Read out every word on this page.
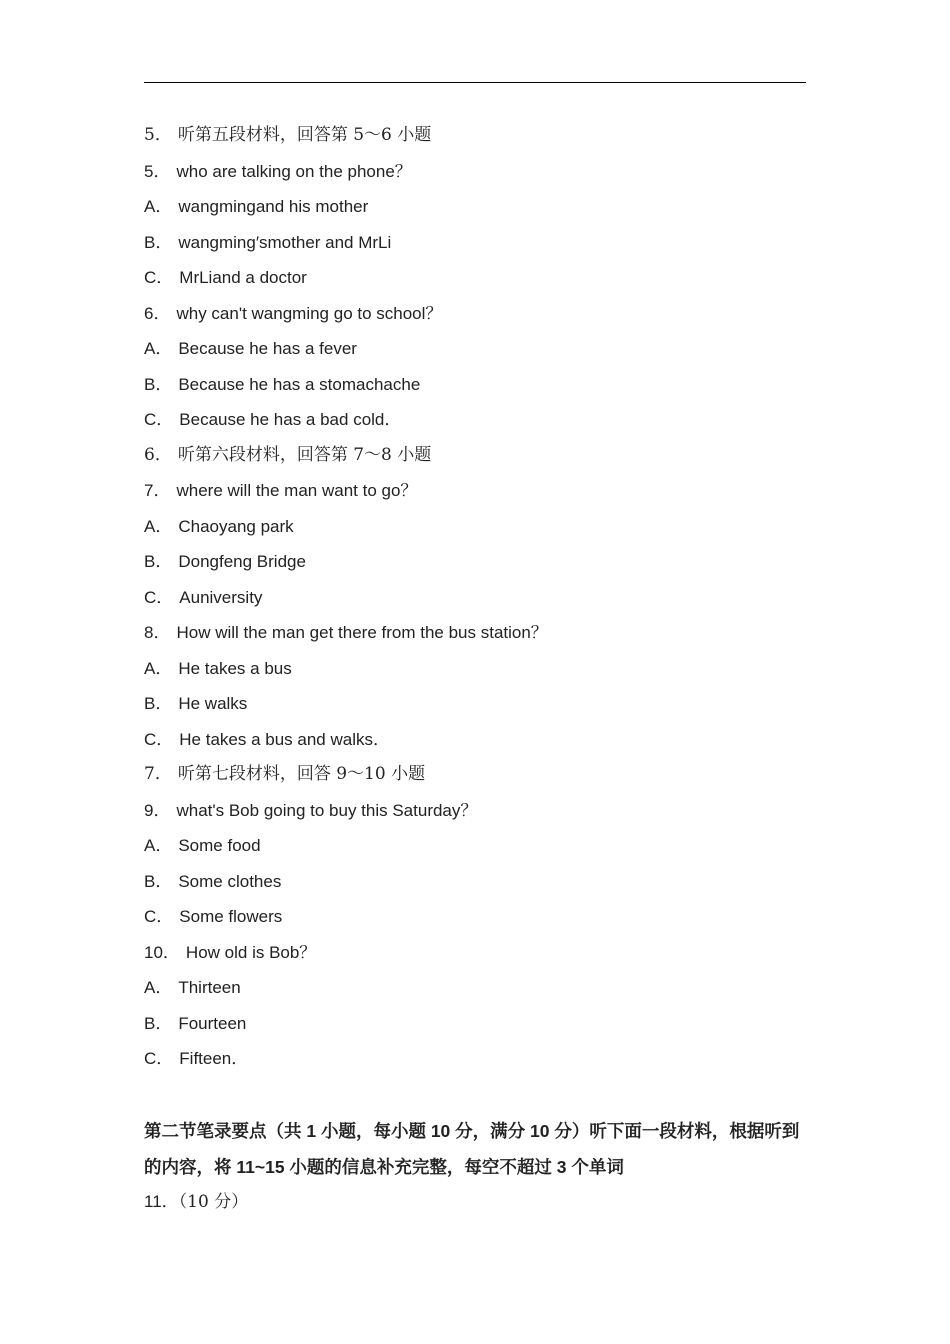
5． 听第五段材料，回答第 5～6 小题
5． who are talking on the phone？
A． wangmingand his mother
B． wangming′smother and MrLi
C． MrLiand a doctor
6． why can't wangming go to school？
A． Because he has a fever
B． Because he has a stomachache
C． Because he has a bad cold．
6． 听第六段材料，回答第 7～8 小题
7． where will the man want to go？
A． Chaoyang park
B． Dongfeng Bridge
C． Auniversity
8． How will the man get there from the bus station？
A． He takes a bus
B． He walks
C． He takes a bus and walks．
7． 听第七段材料，回答 9～10 小题
9． what's Bob going to buy this Saturday？
A． Some food
B． Some clothes
C． Some flowers
10． How old is Bob？
A． Thirteen
B． Fourteen
C． Fifteen．
第二节笔录要点（共 1 小题，每小题 10 分，满分 10 分）听下面一段材料，根据听到的内容，将 11~15 小题的信息补充完整，每空不超过 3 个单词
11．（10 分）
